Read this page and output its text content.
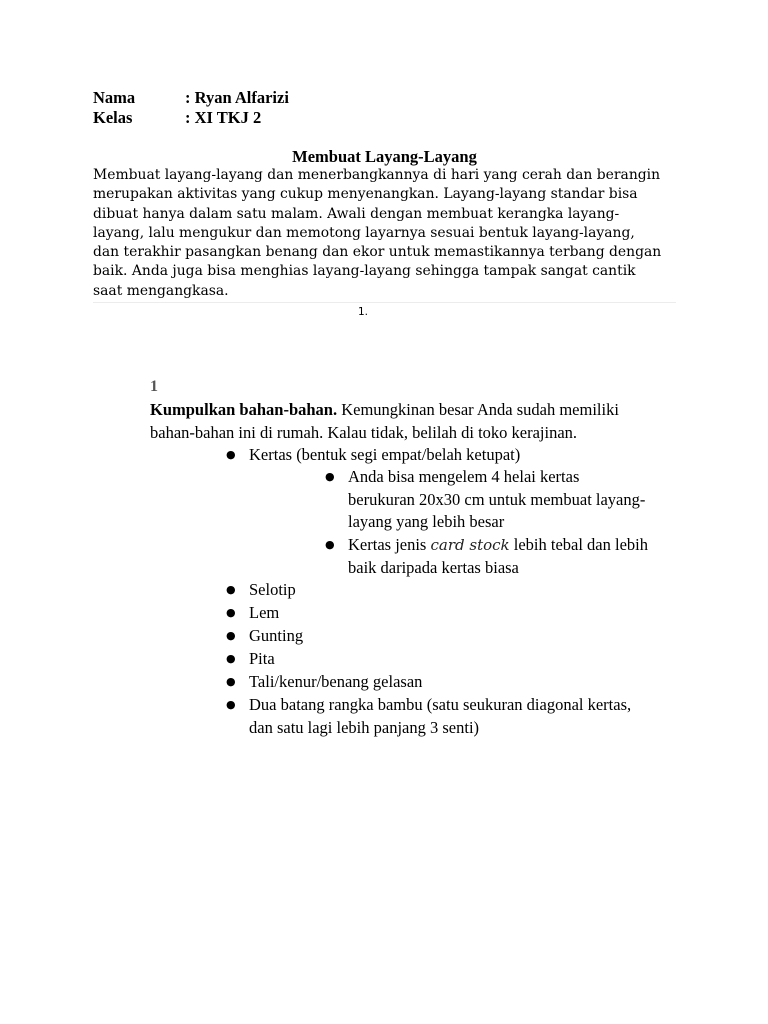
Nama	: Ryan Alfarizi
Kelas	: XI TKJ 2
Membuat Layang-Layang
Membuat layang-layang dan menerbangkannya di hari yang cerah dan berangin
merupakan aktivitas yang cukup menyenangkan. Layang-layang standar bisa
dibuat hanya dalam satu malam. Awali dengan membuat kerangka layang-
layang, lalu mengukur dan memotong layarnya sesuai bentuk layang-layang,
dan terakhir pasangkan benang dan ekor untuk memastikannya terbang dengan
baik. Anda juga bisa menghias layang-layang sehingga tampak sangat cantik
saat mengangkasa.
1.
1
Kumpulkan bahan-bahan. Kemungkinan besar Anda sudah memiliki
bahan-bahan ini di rumah. Kalau tidak, belilah di toko kerajinan.
● Kertas (bentuk segi empat/belah ketupat)
● Anda bisa mengelem 4 helai kertas
berukuran 20x30 cm untuk membuat layang-
layang yang lebih besar
● Kertas jenis card stock lebih tebal dan lebih
baik daripada kertas biasa
● Selotip
● Lem
● Gunting
● Pita
● Tali/kenur/benang gelasan
● Dua batang rangka bambu (satu seukuran diagonal kertas,
dan satu lagi lebih panjang 3 senti)
